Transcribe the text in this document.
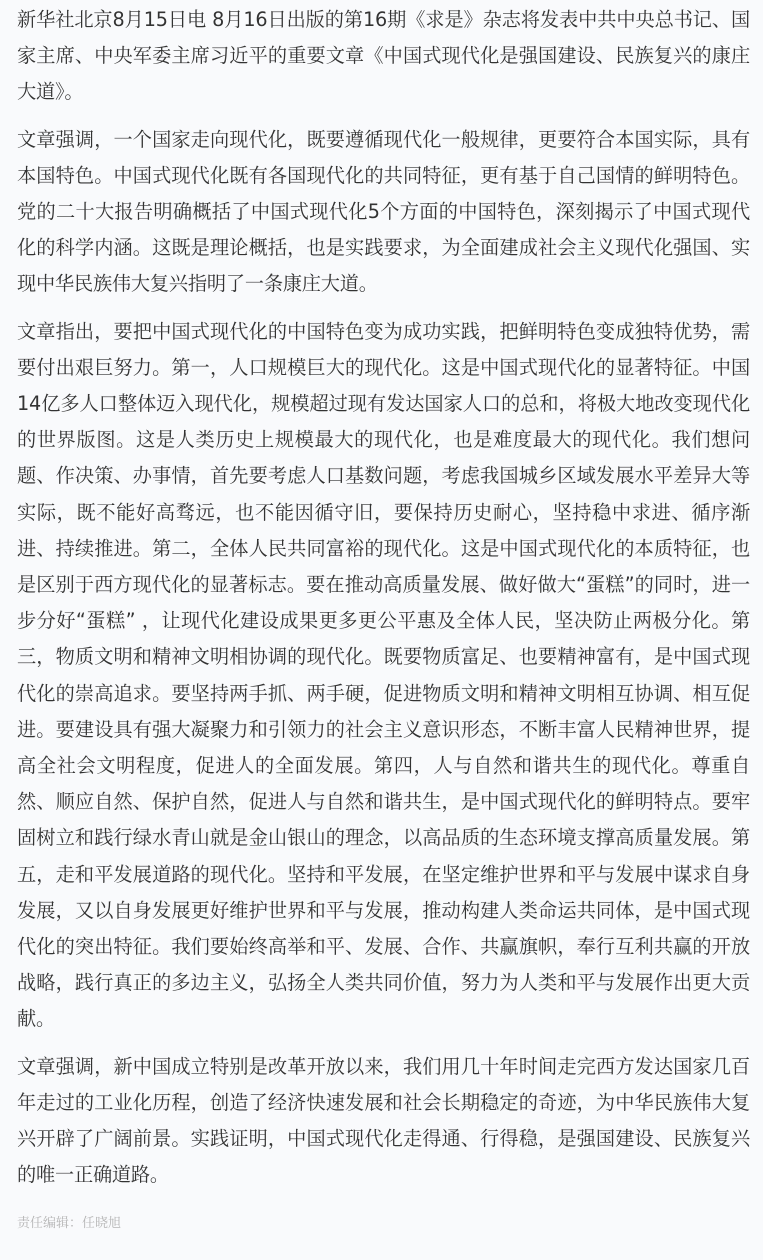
新华社北京8月15日电 8月16日出版的第16期《求是》杂志将发表中共中央总书记、国家主席、中央军委主席习近平的重要文章《中国式现代化是强国建设、民族复兴的康庄大道》。

文章强调，一个国家走向现代化，既要遵循现代化一般规律，更要符合本国实际，具有本国特色。中国式现代化既有各国现代化的共同特征，更有基于自己国情的鲜明特色。党的二十大报告明确概括了中国式现代化5个方面的中国特色，深刻揭示了中国式现代化的科学内涵。这既是理论概括，也是实践要求，为全面建成社会主义现代化强国、实现中华民族伟大复兴指明了一条康庄大道。

文章指出，要把中国式现代化的中国特色变为成功实践，把鲜明特色变成独特优势，需要付出艰巨努力。第一，人口规模巨大的现代化。这是中国式现代化的显著特征。中国14亿多人口整体迈入现代化，规模超过现有发达国家人口的总和，将极大地改变现代化的世界版图。这是人类历史上规模最大的现代化，也是难度最大的现代化。我们想问题、作决策、办事情，首先要考虑人口基数问题，考虑我国城乡区域发展水平差异大等实际，既不能好高骛远，也不能因循守旧，要保持历史耐心，坚持稳中求进、循序渐进、持续推进。第二，全体人民共同富裕的现代化。这是中国式现代化的本质特征，也是区别于西方现代化的显著标志。要在推动高质量发展、做好做大“蛋糕”的同时，进一步分好“蛋糕” ，让现代化建设成果更多更公平惠及全体人民，坚决防止两极分化。第三，物质文明和精神文明相协调的现代化。既要物质富足、也要精神富有，是中国式现代化的崇高追求。要坚持两手抓、两手硬，促进物质文明和精神文明相互协调、相互促进。要建设具有强大凝聚力和引领力的社会主义意识形态，不断丰富人民精神世界，提高全社会文明程度，促进人的全面发展。第四，人与自然和谐共生的现代化。尊重自然、顺应自然、保护自然，促进人与自然和谐共生，是中国式现代化的鲜明特点。要牢固树立和践行绿水青山就是金山银山的理念，以高品质的生态环境支撑高质量发展。第五，走和平发展道路的现代化。坚持和平发展，在坚定维护世界和平与发展中谋求自身发展，又以自身发展更好维护世界和平与发展，推动构建人类命运共同体，是中国式现代化的突出特征。我们要始终高举和平、发展、合作、共赢旗帜，奉行互利共赢的开放战略，践行真正的多边主义，弘扬全人类共同价值，努力为人类和平与发展作出更大贡献。

文章强调，新中国成立特别是改革开放以来，我们用几十年时间走完西方发达国家几百年走过的工业化历程，创造了经济快速发展和社会长期稳定的奇迹，为中华民族伟大复兴开辟了广阔前景。实践证明，中国式现代化走得通、行得稳，是强国建设、民族复兴的唯一正确道路。

责任编辑：任晓旭
